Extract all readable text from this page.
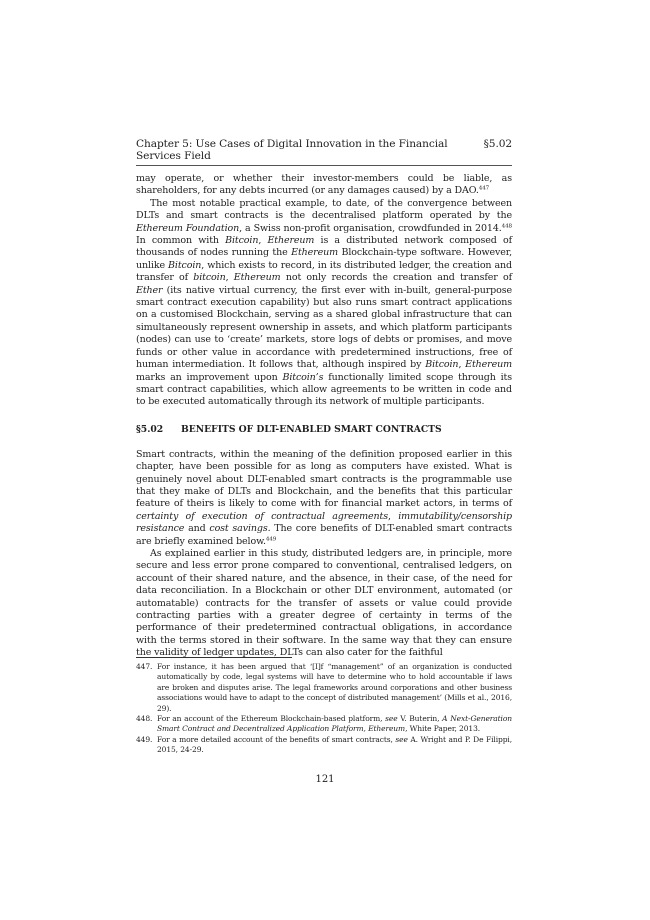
Chapter 5: Use Cases of Digital Innovation in the Financial Services Field
§5.02

may operate, or whether their investor-members could be liable, as shareholders, for any debts incurred (or any damages caused) by a DAO.$^{447}$

The most notable practical example, to date, of the convergence between DLTs and smart contracts is the decentralised platform operated by the Ethereum Foundation, a Swiss non-profit organisation, crowdfunded in 2014.$^{448}$ In common with Bitcoin, Ethereum is a distributed network composed of thousands of nodes running the Ethereum Blockchain-type software. However, unlike Bitcoin, which exists to record, in its distributed ledger, the creation and transfer of bitcoin, Ethereum not only records the creation and transfer of Ether (its native virtual currency, the first ever with in-built, general-purpose smart contract execution capability) but also runs smart contract applications on a customised Blockchain, serving as a shared global infrastructure that can simultaneously represent ownership in assets, and which platform participants (nodes) can use to ‘create’ markets, store logs of debts or promises, and move funds or other value in accordance with predetermined instructions, free of human intermediation. It follows that, although inspired by Bitcoin, Ethereum marks an improvement upon Bitcoin’s functionally limited scope through its smart contract capabilities, which allow agreements to be written in code and to be executed automatically through its network of multiple participants.

§5.02	BENEFITS OF DLT-ENABLED SMART CONTRACTS

Smart contracts, within the meaning of the definition proposed earlier in this chapter, have been possible for as long as computers have existed. What is genuinely novel about DLT-enabled smart contracts is the programmable use that they make of DLTs and Blockchain, and the benefits that this particular feature of theirs is likely to come with for financial market actors, in terms of certainty of execution of contractual agreements, immutability/censorship resistance and cost savings. The core benefits of DLT-enabled smart contracts are briefly examined below.$^{449}$

As explained earlier in this study, distributed ledgers are, in principle, more secure and less error prone compared to conventional, centralised ledgers, on account of their shared nature, and the absence, in their case, of the need for data reconciliation. In a Blockchain or other DLT environment, automated (or automatable) contracts for the transfer of assets or value could provide contracting parties with a greater degree of certainty in terms of the performance of their predetermined contractual obligations, in accordance with the terms stored in their software. In the same way that they can ensure the validity of ledger updates, DLTs can also cater for the faithful

447. For instance, it has been argued that ‘[I]f “management” of an organization is conducted automatically by code, legal systems will have to determine who to hold accountable if laws are broken and disputes arise. The legal frameworks around corporations and other business associations would have to adapt to the concept of distributed management’ (Mills et al., 2016, 29).
448. For an account of the Ethereum Blockchain-based platform, see V. Buterin, A Next-Generation Smart Contract and Decentralized Application Platform, Ethereum, White Paper, 2013.
449. For a more detailed account of the benefits of smart contracts, see A. Wright and P. De Filippi, 2015, 24-29.
121
